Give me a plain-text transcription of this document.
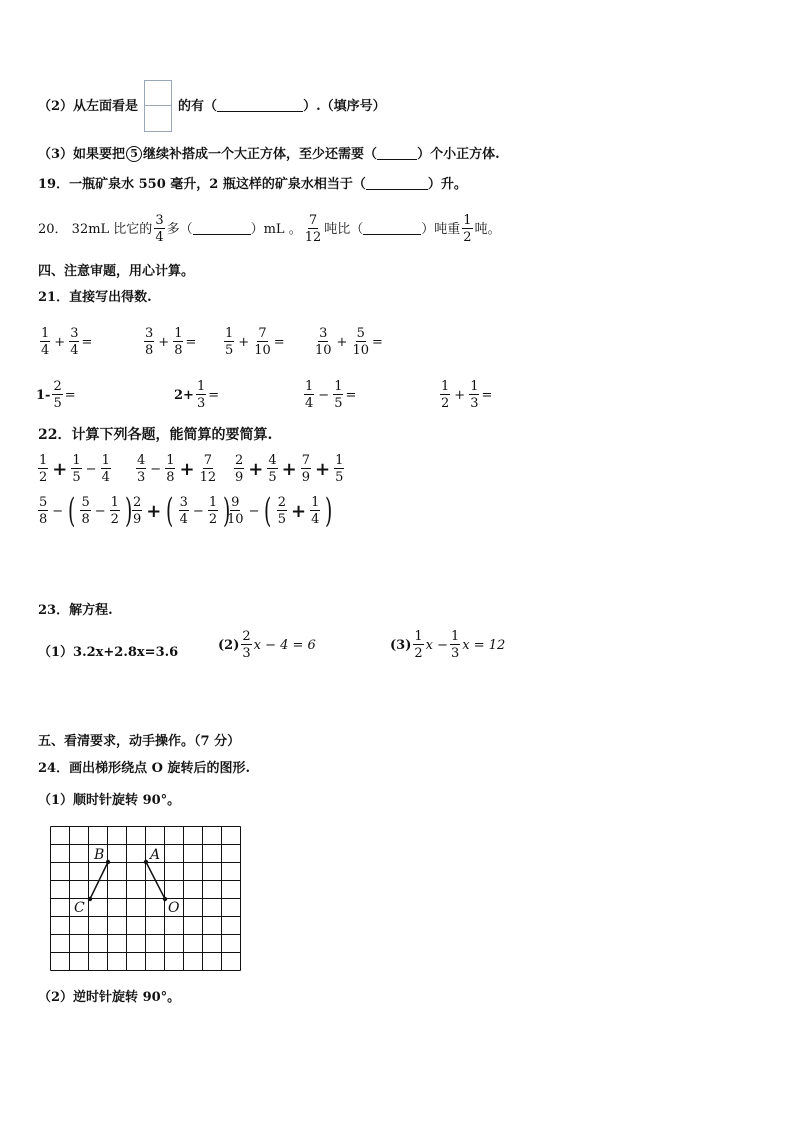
（2）从左面看是	的有（	）.（填序号）
（3）如果要把 5 继续补搭成一个大正方体，至少还需要（	）个小正方体.
19．一瓶矿泉水 550 毫升，2 瓶这样的矿泉水相当于（	）升。
20． 32mL 比它的 $\frac{3}{4}$ 多（	）mL 。 $\frac{7}{12}$ 吨比（	）吨重 $\frac{1}{2}$ 吨。
四、注意审题，用心计算。
21．直接写出得数.
$\frac{1}{4} + \frac{3}{4}$ =	$\frac{3}{8} + \frac{1}{8} = \frac{1}{5} + \frac{7}{10} = \frac{3}{10} + \frac{5}{10}$ =
$1- \frac{2}{5}$ =	$2+ \frac{1}{3}$ =	$\frac{1}{4} - \frac{1}{5}$ =	$\frac{1}{2} + \frac{1}{3}$ =
22．计算下列各题，能简算的要简算.
$\frac{1}{2} + \frac{1}{5} - \frac{1}{4} \frac{4}{3} - \frac{1}{8} + \frac{7}{12} \frac{2}{9} + \frac{4}{5} + \frac{7}{9} + \frac{1}{5}$
$\frac{5}{8}$ − ( $\frac{5}{8} - \frac{1}{2}$ ) $\frac{2}{9}$ + ( $\frac{3}{4} - \frac{1}{2}$ )
$\frac{9}{10}$ − ( $\frac{2}{5} + \frac{1}{4}$ )
23．解方程.
（1）3.2x+2.8x=3.6	$(2) \frac{2}{3}$ x − 4 = 6	$(3) \frac{1}{2}$ $x - \frac{1}{3}$ x = 12
五、看清要求，动手操作。（7 分）
24．画出梯形绕点 O 旋转后的图形.
（1）顺时针旋转 90°。
B	A
C	O
（2）逆时针旋转 90°。
